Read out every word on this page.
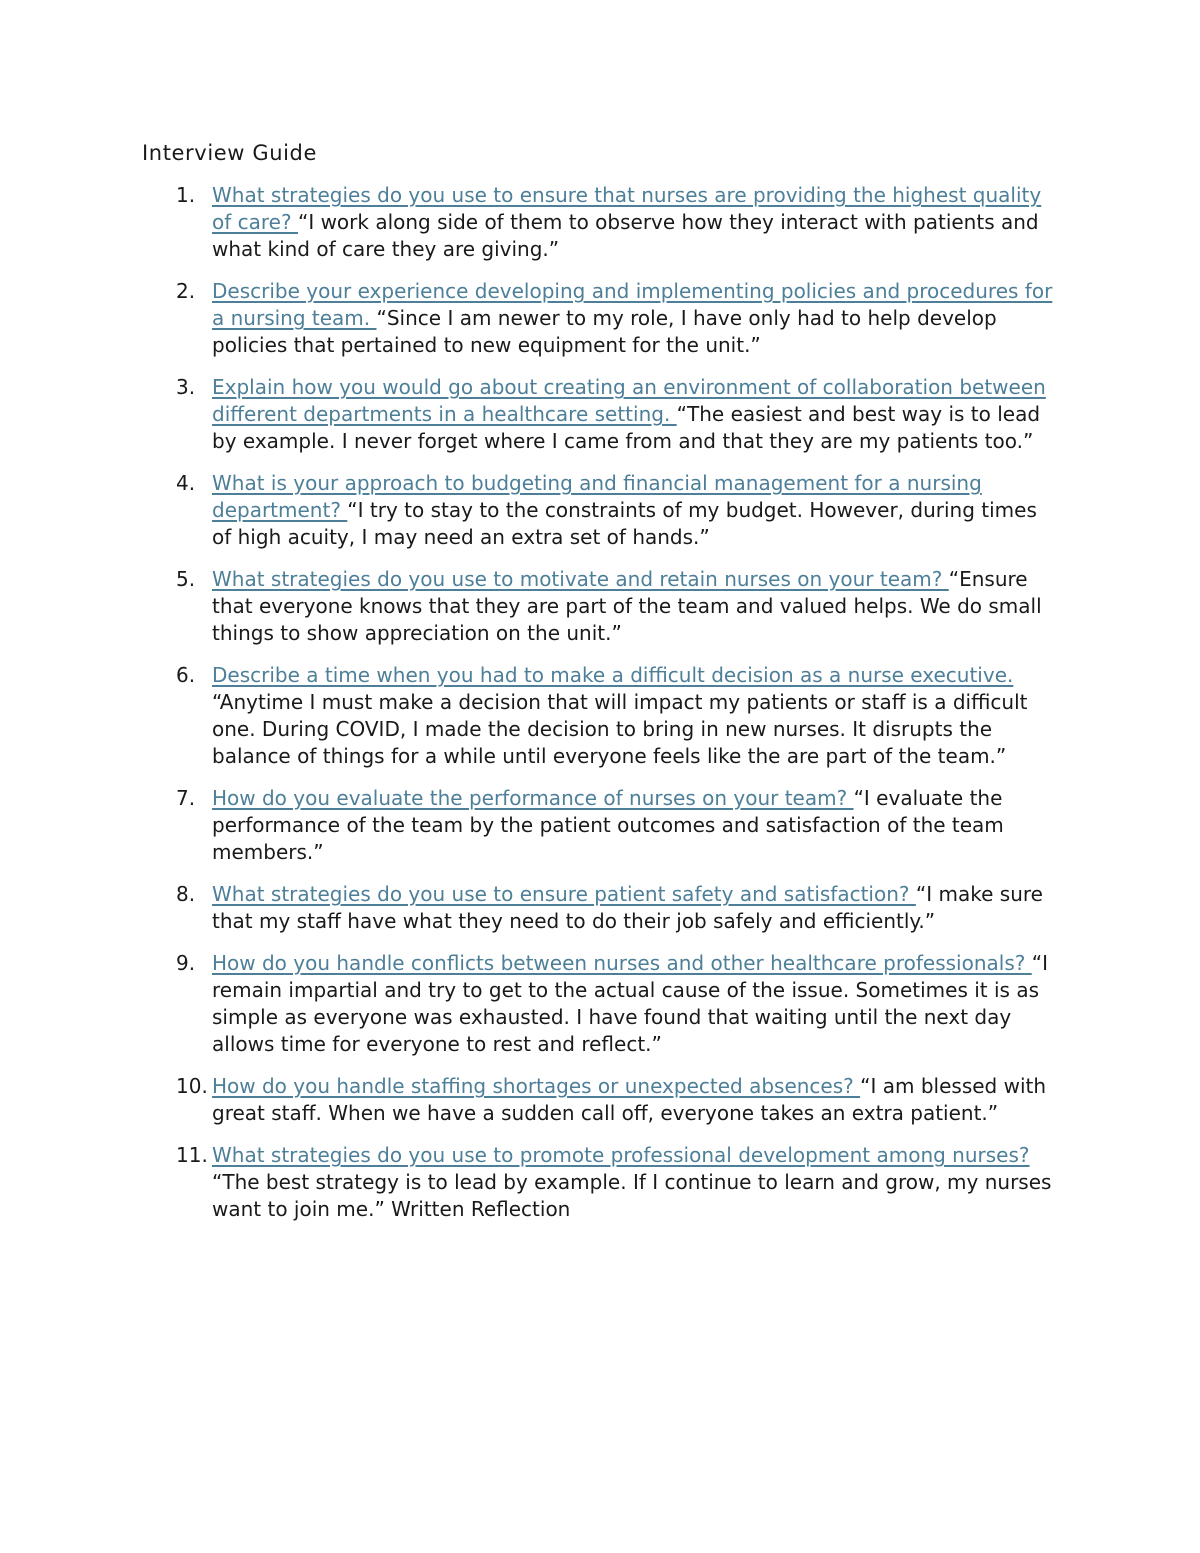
Interview Guide
1. What strategies do you use to ensure that nurses are providing the highest quality of care? “I work along side of them to observe how they interact with patients and what kind of care they are giving.”
2. Describe your experience developing and implementing policies and procedures for a nursing team. “Since I am newer to my role, I have only had to help develop policies that pertained to new equipment for the unit.”
3. Explain how you would go about creating an environment of collaboration between different departments in a healthcare setting. “The easiest and best way is to lead by example. I never forget where I came from and that they are my patients too.”
4. What is your approach to budgeting and financial management for a nursing department? “I try to stay to the constraints of my budget. However, during times of high acuity, I may need an extra set of hands.”
5. What strategies do you use to motivate and retain nurses on your team? “Ensure that everyone knows that they are part of the team and valued helps. We do small things to show appreciation on the unit.”
6. Describe a time when you had to make a difficult decision as a nurse executive. “Anytime I must make a decision that will impact my patients or staff is a difficult one. During COVID, I made the decision to bring in new nurses. It disrupts the balance of things for a while until everyone feels like the are part of the team.”
7. How do you evaluate the performance of nurses on your team? “I evaluate the performance of the team by the patient outcomes and satisfaction of the team members.”
8. What strategies do you use to ensure patient safety and satisfaction? “I make sure that my staff have what they need to do their job safely and efficiently.”
9. How do you handle conflicts between nurses and other healthcare professionals? “I remain impartial and try to get to the actual cause of the issue. Sometimes it is as simple as everyone was exhausted. I have found that waiting until the next day allows time for everyone to rest and reflect.”
10. How do you handle staffing shortages or unexpected absences? “I am blessed with great staff. When we have a sudden call off, everyone takes an extra patient.”
11. What strategies do you use to promote professional development among nurses? “The best strategy is to lead by example. If I continue to learn and grow, my nurses want to join me.” Written Reflection
